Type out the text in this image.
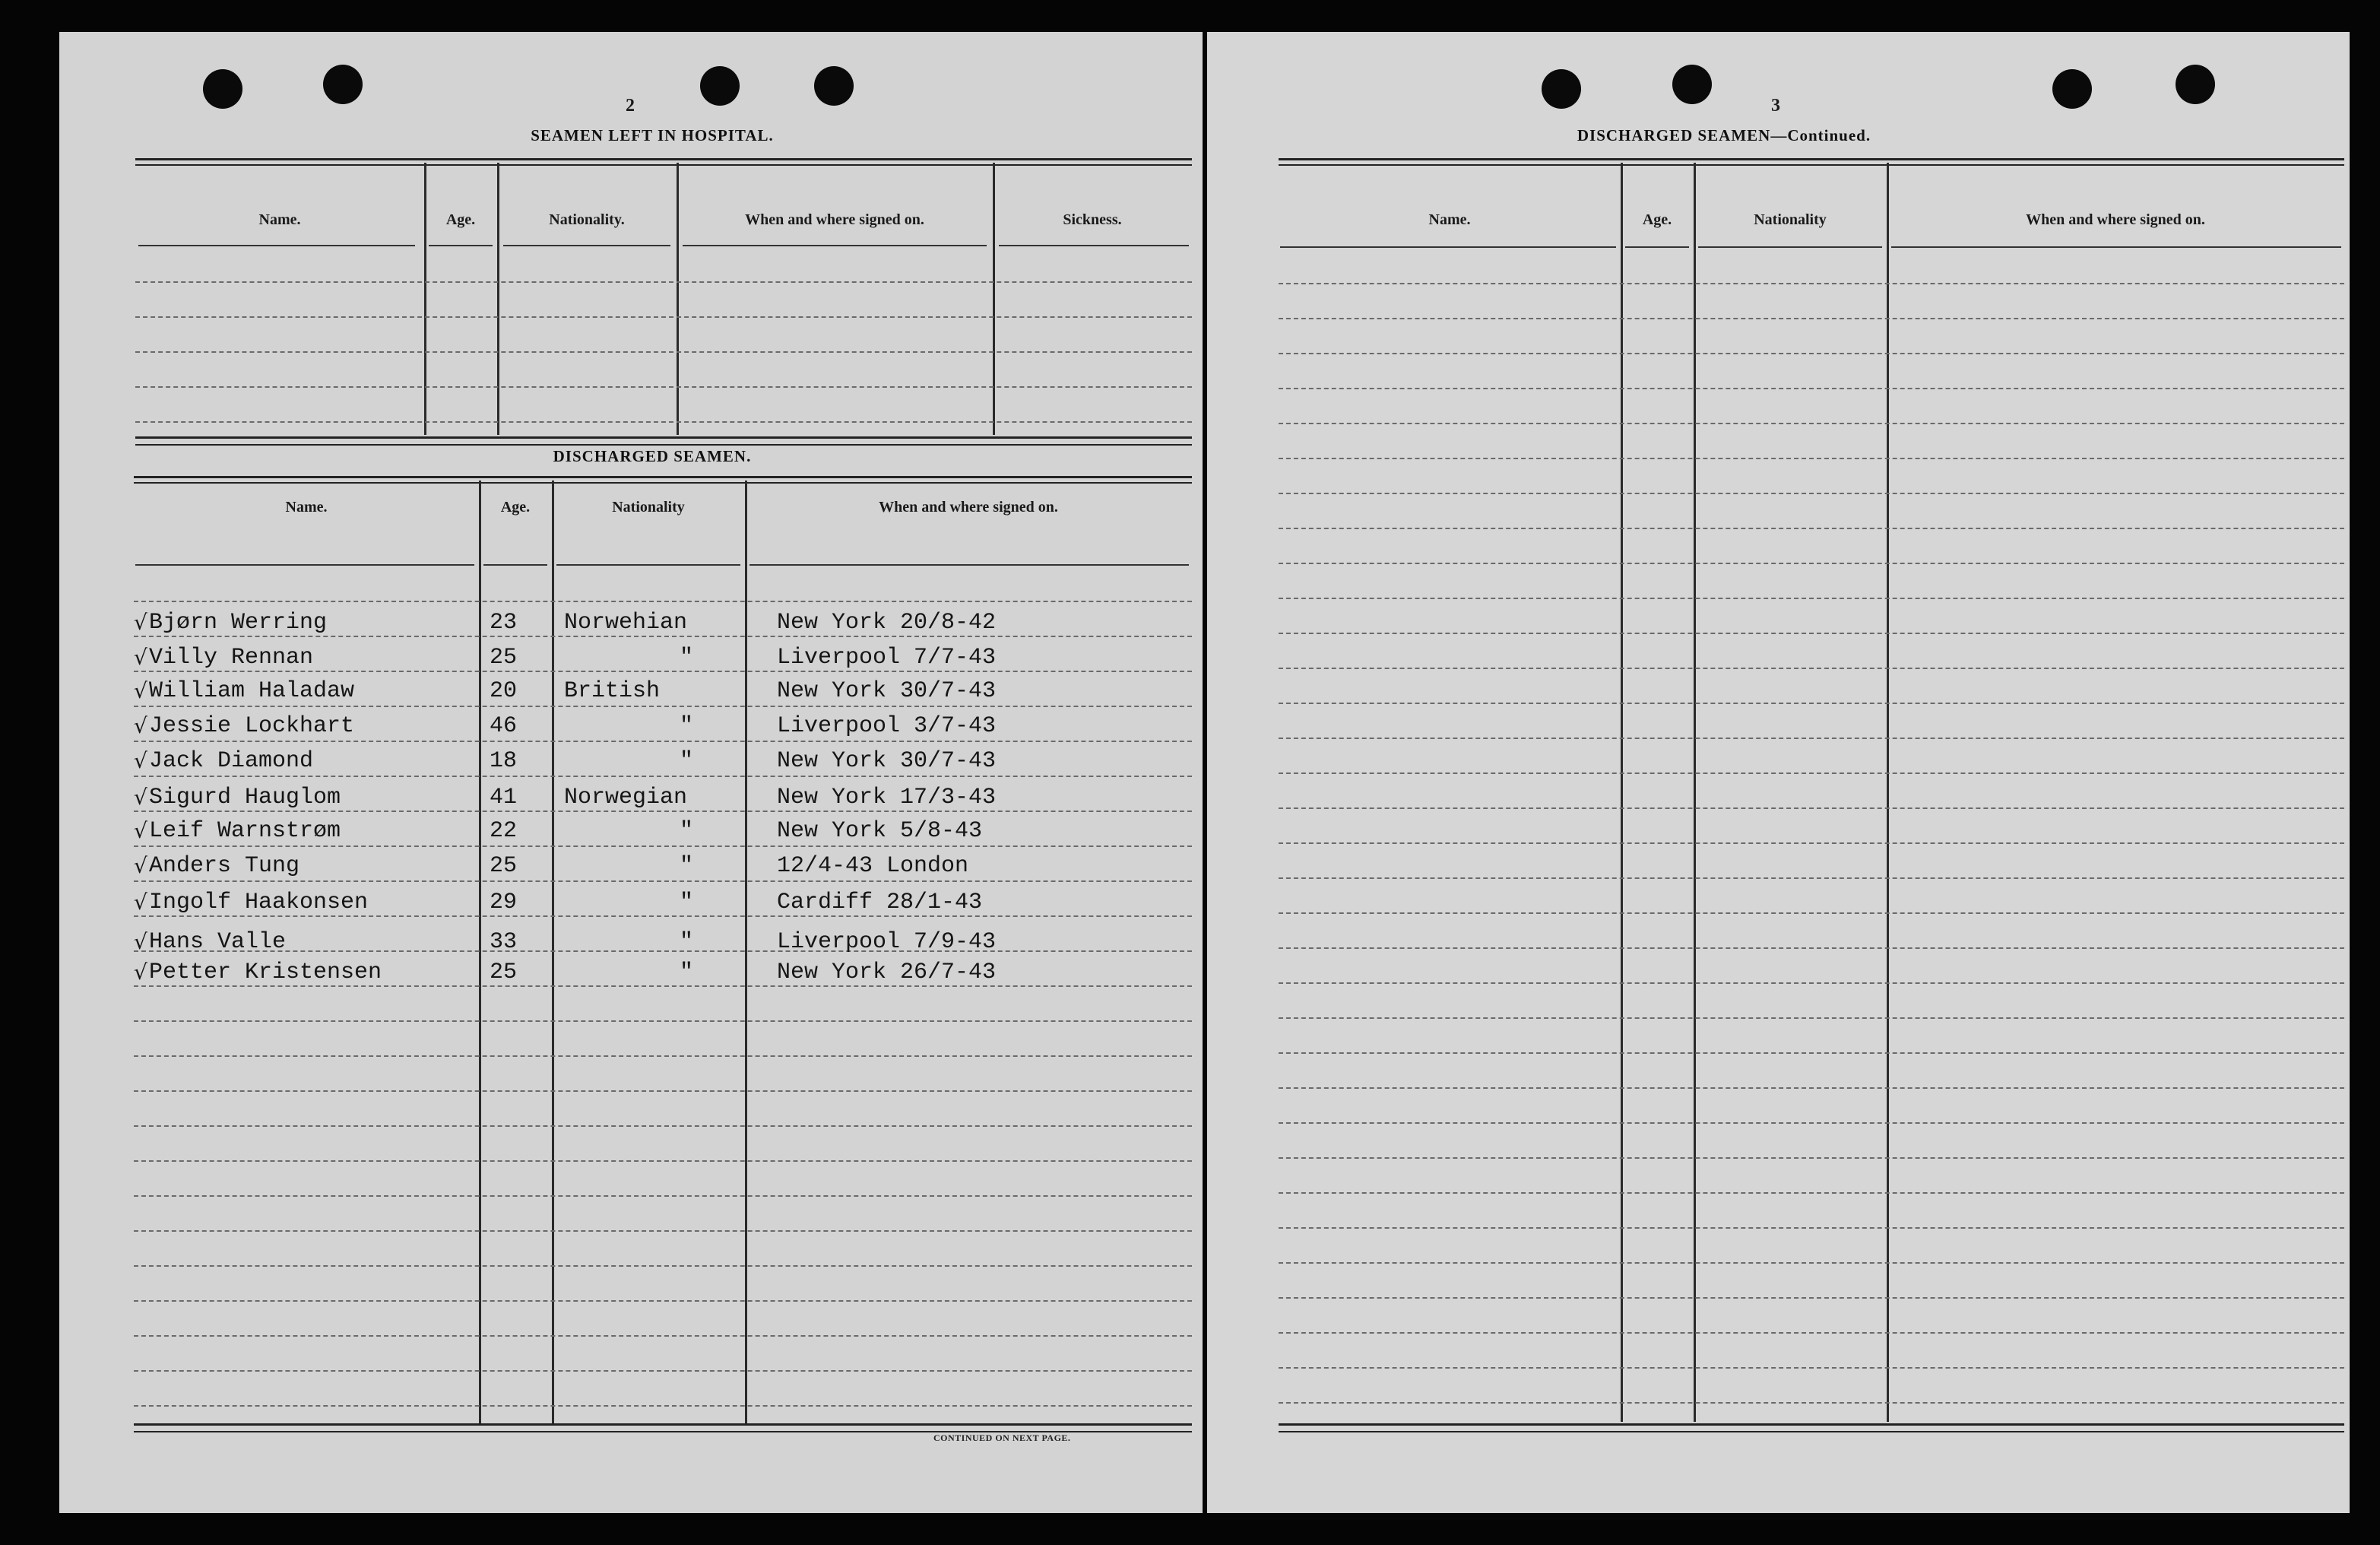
2
SEAMEN LEFT IN HOSPITAL.
Name.	Age.	Nationality.	When and where signed on.	Sickness.
DISCHARGED SEAMEN.
Name.	Age.	Nationality	When and where signed on.
√ Bjørn Werring	23 Norwehian	New York 20/8-42
√ Villy Rennan	25	"	Liverpool 7/7-43
√ William Haladaw	20 British	New York 30/7-43
√ Jessie Lockhart	46	"	Liverpool 3/7-43
√ Jack Diamond	18	"	New York 30/7-43
√ Sigurd Hauglom	41 Norwegian	New York 17/3-43
√ Leif Warnstrøm	22	"	New York 5/8-43
√ Anders Tung	25	"	12/4-43 London
√ Ingolf Haakonsen	29	"	Cardiff 28/1-43
√ Hans Valle	33	"	Liverpool 7/9-43
√ Petter Kristensen	25	"	New York 26/7-43
CONTINUED ON NEXT PAGE.
3
DISCHARGED SEAMEN—Continued.
Name.	Age.	Nationality	When and where signed on.
